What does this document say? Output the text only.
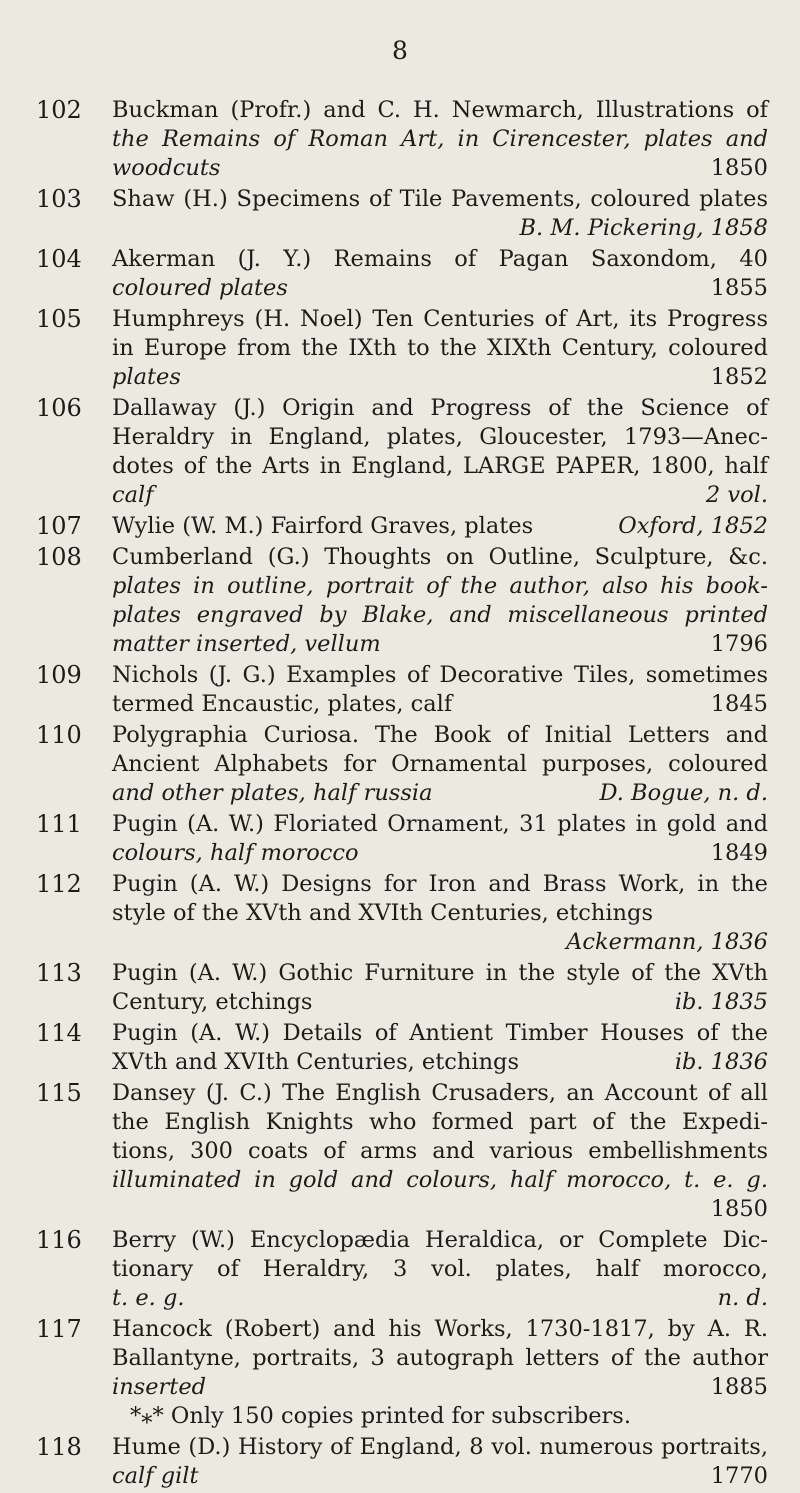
8
102	Buckman (Profr.) and C. H. Newmarch, Illustrations of
the Remains of Roman Art, in Cirencester, plates and
woodcuts	1850
103	Shaw (H.) Specimens of Tile Pavements, coloured plates
B. M. Pickering, 1858
104	Akerman (J. Y.) Remains of Pagan Saxondom, 40
coloured plates	1855
105	Humphreys (H. Noel) Ten Centuries of Art, its Progress
in Europe from the IXth to the XIXth Century, coloured
plates	1852
106	Dallaway (J.) Origin and Progress of the Science of
Heraldry in England, plates, Gloucester, 1793—Anec-
dotes of the Arts in England, LARGE PAPER, 1800, half
calf	2 vol.
107	Wylie (W. M.) Fairford Graves, plates	Oxford, 1852
108	Cumberland (G.) Thoughts on Outline, Sculpture, &c.
plates in outline, portrait of the author, also his book-
plates engraved by Blake, and miscellaneous printed
matter inserted, vellum	1796
109	Nichols (J. G.) Examples of Decorative Tiles, sometimes
termed Encaustic, plates, calf	1845
110	Polygraphia Curiosa. The Book of Initial Letters and
Ancient Alphabets for Ornamental purposes, coloured
and other plates, half russia	D. Bogue, n. d.
111	Pugin (A. W.) Floriated Ornament, 31 plates in gold and
colours, half morocco	1849
112	Pugin (A. W.) Designs for Iron and Brass Work, in the
style of the XVth and XVIth Centuries, etchings
Ackermann, 1836
113	Pugin (A. W.) Gothic Furniture in the style of the XVth
Century, etchings	ib. 1835
114	Pugin (A. W.) Details of Antient Timber Houses of the
XVth and XVIth Centuries, etchings	ib. 1836
115	Dansey (J. C.) The English Crusaders, an Account of all
the English Knights who formed part of the Expedi-
tions, 300 coats of arms and various embellishments
illuminated in gold and colours, half morocco, t. e. g.
1850
116	Berry (W.) Encyclopædia Heraldica, or Complete Dic-
tionary of Heraldry, 3 vol. plates, half morocco,
t. e. g.	n. d.
117	Hancock (Robert) and his Works, 1730-1817, by A. R.
Ballantyne, portraits, 3 autograph letters of the author
inserted	1885
*⁎* Only 150 copies printed for subscribers.
118	Hume (D.) History of England, 8 vol. numerous portraits,
calf gilt	1770
